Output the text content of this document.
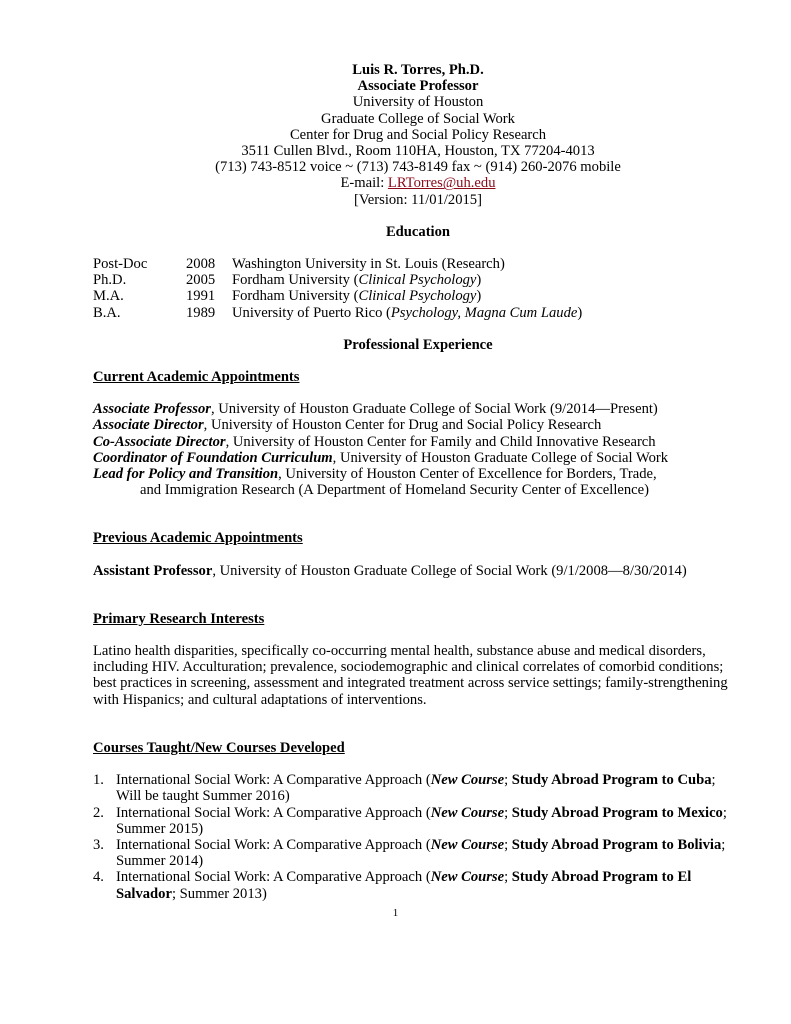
Luis R. Torres, Ph.D.
Associate Professor
University of Houston
Graduate College of Social Work
Center for Drug and Social Policy Research
3511 Cullen Blvd., Room 110HA, Houston, TX 77204-4013
(713) 743-8512 voice ~ (713) 743-8149 fax ~ (914) 260-2076 mobile
E-mail: LRTorres@uh.edu
[Version: 11/01/2015]
Education
Post-Doc	2008	Washington University in St. Louis (Research)
Ph.D.	2005	Fordham University (Clinical Psychology)
M.A.	1991	Fordham University (Clinical Psychology)
B.A.	1989	University of Puerto Rico (Psychology, Magna Cum Laude)
Professional Experience
Current Academic Appointments
Associate Professor, University of Houston Graduate College of Social Work (9/2014—Present)
Associate Director, University of Houston Center for Drug and Social Policy Research
Co-Associate Director, University of Houston Center for Family and Child Innovative Research
Coordinator of Foundation Curriculum, University of Houston Graduate College of Social Work
Lead for Policy and Transition, University of Houston Center of Excellence for Borders, Trade,
and Immigration Research (A Department of Homeland Security Center of Excellence)
Previous Academic Appointments
Assistant Professor, University of Houston Graduate College of Social Work (9/1/2008—8/30/2014)
Primary Research Interests
Latino health disparities, specifically co-occurring mental health, substance abuse and medical disorders, including HIV. Acculturation; prevalence, sociodemographic and clinical correlates of comorbid conditions; best practices in screening, assessment and integrated treatment across service settings; family-strengthening with Hispanics; and cultural adaptations of interventions.
Courses Taught/New Courses Developed
1. International Social Work: A Comparative Approach (New Course; Study Abroad Program to Cuba; Will be taught Summer 2016)
2. International Social Work: A Comparative Approach (New Course; Study Abroad Program to Mexico; Summer 2015)
3. International Social Work: A Comparative Approach (New Course; Study Abroad Program to Bolivia; Summer 2014)
4. International Social Work: A Comparative Approach (New Course; Study Abroad Program to El Salvador; Summer 2013)
1
